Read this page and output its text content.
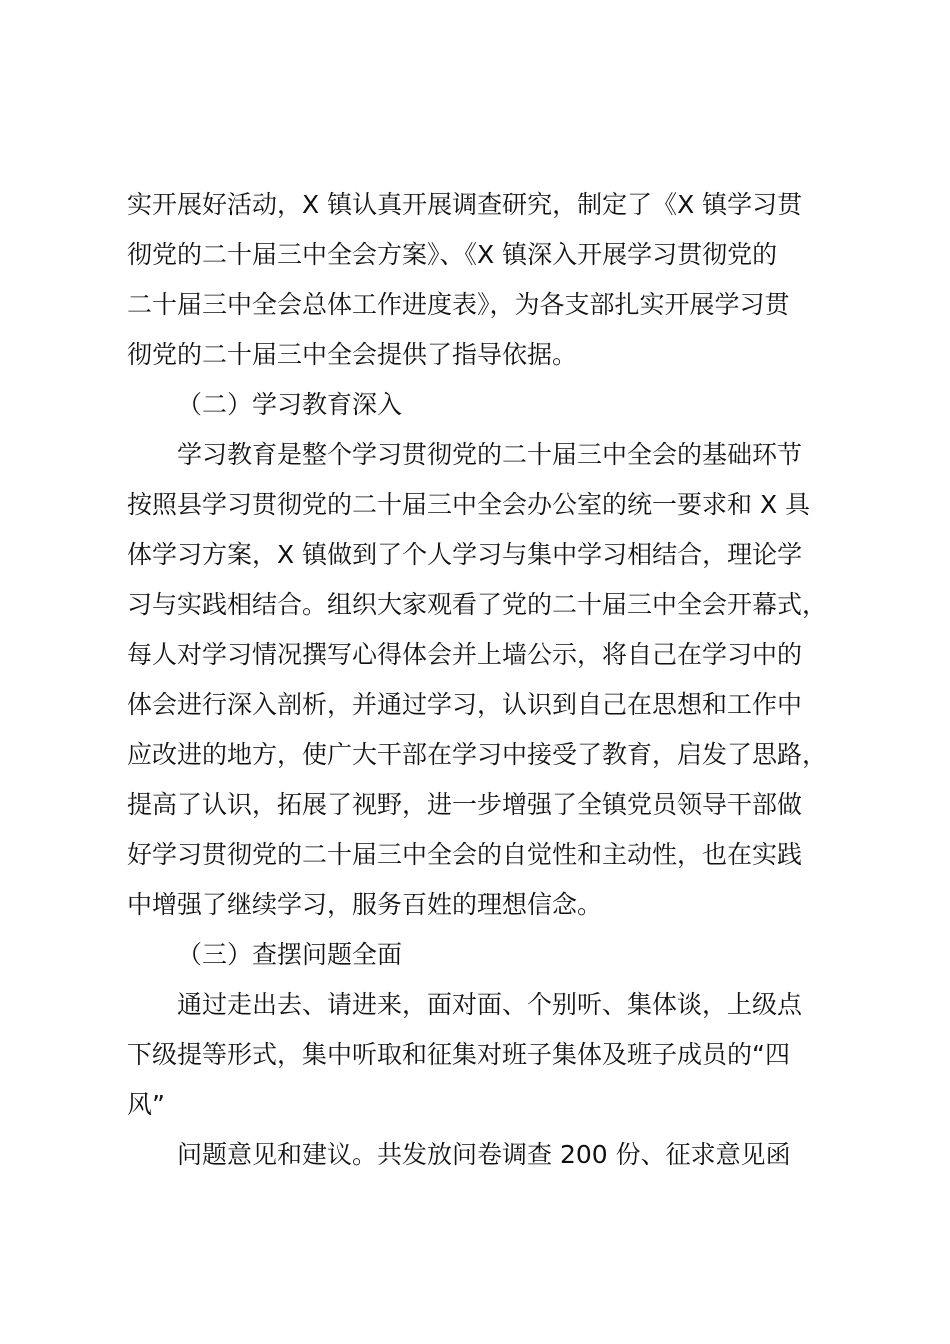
实开展好活动，X 镇认真开展调查研究，制定了《X 镇学习贯
彻党的二十届三中全会方案》、《X 镇深入开展学习贯彻党的
二十届三中全会总体工作进度表》，为各支部扎实开展学习贯
彻党的二十届三中全会提供了指导依据。
（二）学习教育深入
学习教育是整个学习贯彻党的二十届三中全会的基础环节
按照县学习贯彻党的二十届三中全会办公室的统一要求和 X 具
体学习方案，X 镇做到了个人学习与集中学习相结合，理论学
习与实践相结合。组织大家观看了党的二十届三中全会开幕式，
每人对学习情况撰写心得体会并上墙公示，将自己在学习中的
体会进行深入剖析，并通过学习，认识到自己在思想和工作中
应改进的地方，使广大干部在学习中接受了教育，启发了思路，
提高了认识，拓展了视野，进一步增强了全镇党员领导干部做
好学习贯彻党的二十届三中全会的自觉性和主动性，也在实践
中增强了继续学习，服务百姓的理想信念。
（三）查摆问题全面
通过走出去、请进来，面对面、个别听、集体谈，上级点
下级提等形式，集中听取和征集对班子集体及班子成员的“四
风”
问题意见和建议。共发放问卷调查 200 份、征求意见函
